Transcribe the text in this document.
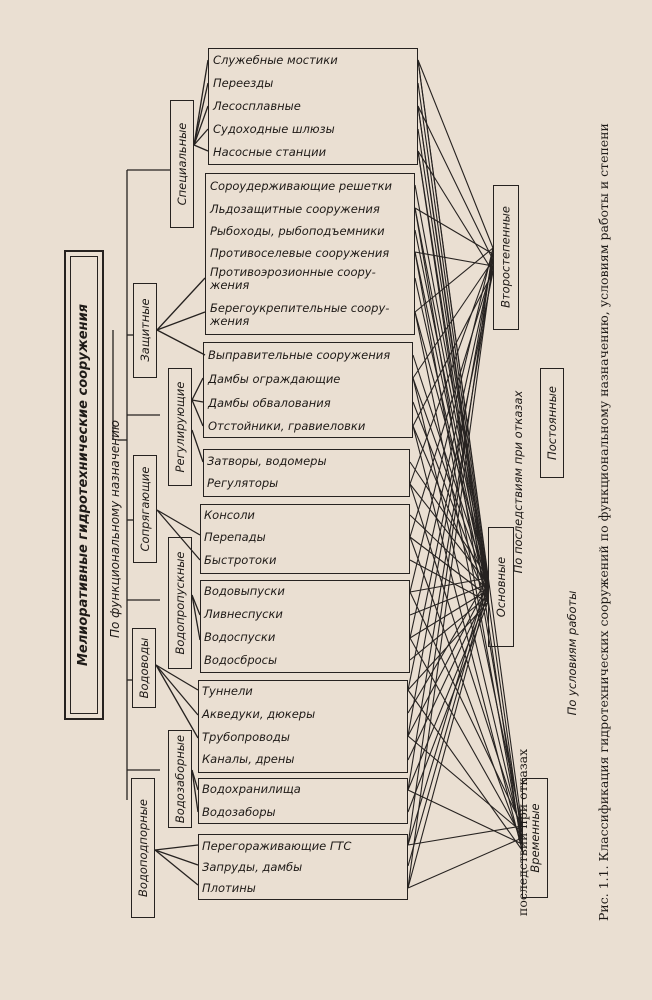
Мелиоративные гидротехнические сооружения По функциональному назначению
Специальные
Защитные
Регулирующие
Сопрягающие
Водопропускные
Водоводы
Водозаборные
Водоподпорные
Служебные мостики
Переезды
Лесосплавные
Судоходные шлюзы
Насосные станции
Сороудерживающие решетки
Льдозащитные сооружения
Рыбоходы, рыбоподъемники
Противоселевые сооружения
Противоэрозионные соору-
жения
Берегоукрепительные соору-
жения
Выправительные сооружения
Дамбы ограждающие
Дамбы обвалования
Отстойники, гравиеловки
Затворы, водомеры
Регуляторы
Консоли
Перепады
Быстротоки
Водовыпуски
Ливнеспуски
Водоспуски
Водосбросы
Туннели
Акведуки, дюкеры
Трубопроводы
Каналы, дрены
Водохранилища
Водозаборы
Перегораживающие ГТС
Запруды, дамбы
Плотины
Второстепенные
Постоянные
Основные
Временные
По последствиям при отказах
По условиям работы Рис. 1.1. Классификация гидротехнических сооружений по функциональному назначению, условиям работы и степени
последствий при отказах
